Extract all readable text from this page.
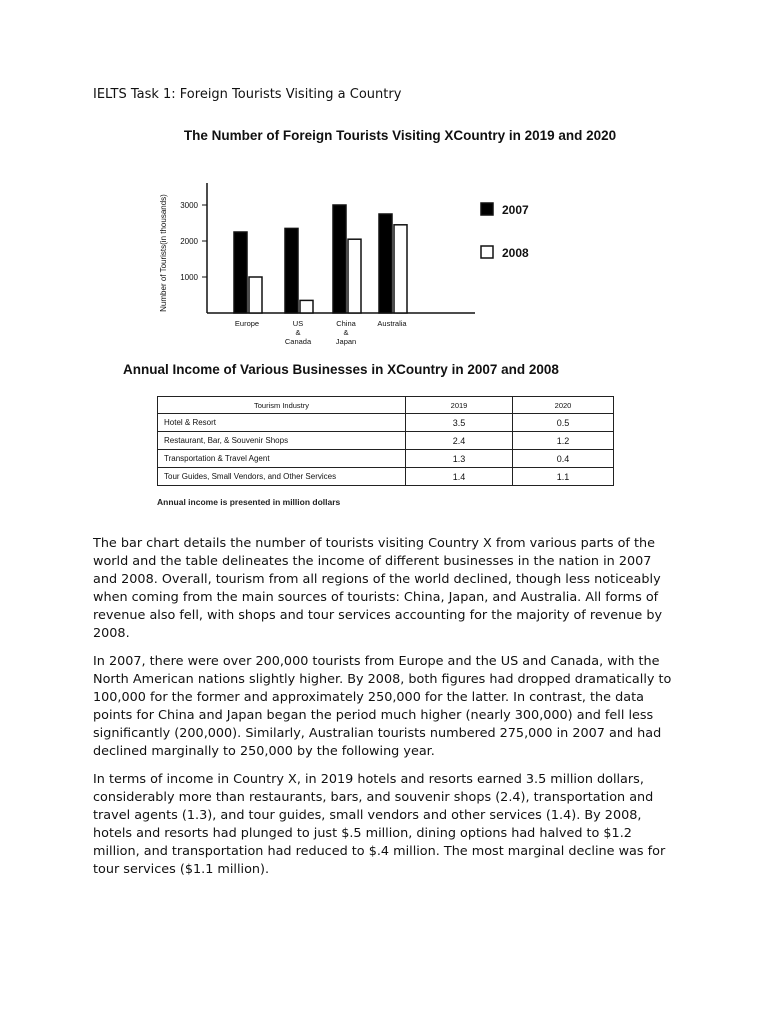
IELTS Task 1: Foreign Tourists Visiting a Country
The Number of Foreign Tourists Visiting XCountry in 2019 and 2020
Number of Tourists(in thousands) 1000
2000
3000
Europe	US
&
Canada
China
&
Japan
Australia
2007
2008
Annual Income of Various Businesses in XCountry in 2007 and 2008
Tourism Industry	2019	2020
Hotel & Resort	3.5	0.5
Restaurant, Bar, & Souvenir Shops	2.4	1.2
Transportation & Travel Agent	1.3	0.4
Tour Guides, Small Vendors, and Other Services	1.4	1.1
Annual income is presented in million dollars

The bar chart details the number of tourists visiting Country X from various parts of the world and the table delineates the income of different businesses in the nation in 2007 and 2008. Overall, tourism from all regions of the world declined, though less noticeably when coming from the main sources of tourists: China, Japan, and Australia. All forms of revenue also fell, with shops and tour services accounting for the majority of revenue by 2008.

In 2007, there were over 200,000 tourists from Europe and the US and Canada, with the North American nations slightly higher. By 2008, both figures had dropped dramatically to 100,000 for the former and approximately 250,000 for the latter. In contrast, the data points for China and Japan began the period much higher (nearly 300,000) and fell less significantly (200,000). Similarly, Australian tourists numbered 275,000 in 2007 and had declined marginally to 250,000 by the following year.

In terms of income in Country X, in 2019 hotels and resorts earned 3.5 million dollars, considerably more than restaurants, bars, and souvenir shops (2.4), transportation and travel agents (1.3), and tour guides, small vendors and other services (1.4). By 2008, hotels and resorts had plunged to just $.5 million, dining options had halved to $1.2 million, and transportation had reduced to $.4 million. The most marginal decline was for tour services ($1.1 million).
